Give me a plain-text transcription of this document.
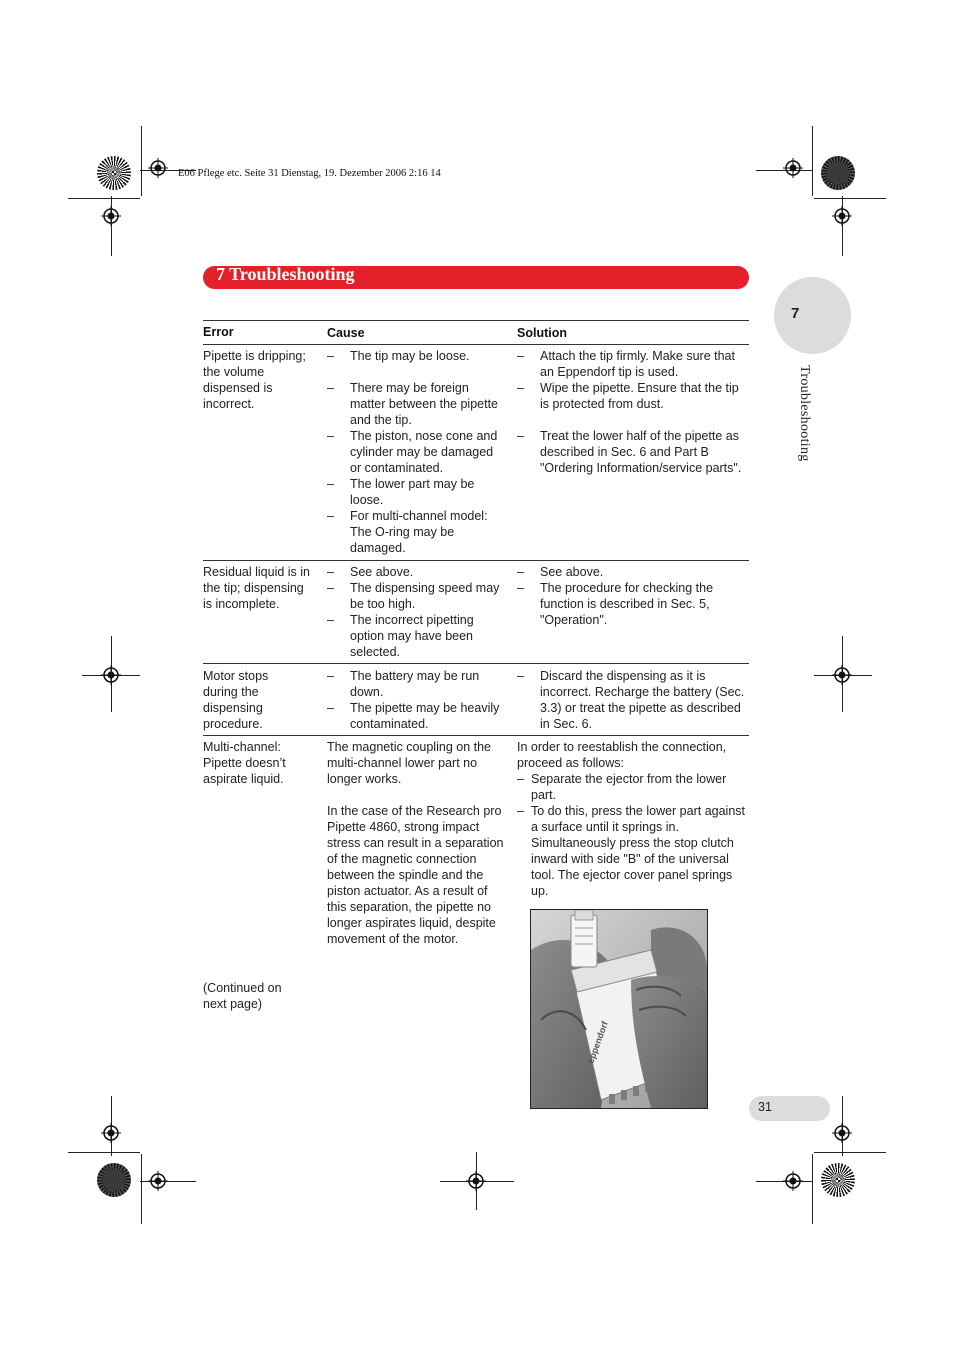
E06 Pflege etc. Seite 31 Dienstag, 19. Dezember 2006 2:16 14
7 Troubleshooting
7
Troubleshooting
Error	Cause	Solution
Pipette is dripping; the volume dispensed is incorrect.
– The tip may be loose.
– There may be foreign matter between the pipette and the tip.
– The piston, nose cone and cylinder may be damaged or contaminated.
– The lower part may be loose.
– For multi-channel model: The O-ring may be damaged.
– Attach the tip firmly. Make sure that an Eppendorf tip is used.
– Wipe the pipette. Ensure that the tip is protected from dust.
– Treat the lower half of the pipette as described in Sec. 6 and Part B "Ordering Information/service parts".
Residual liquid is in the tip; dispensing is incomplete.
– See above.
– The dispensing speed may be too high.
– The incorrect pipetting option may have been selected.
– See above.
– The procedure for checking the function is described in Sec. 5, "Operation".
Motor stops during the dispensing procedure.
– The battery may be run down.
– The pipette may be heavily contaminated.
– Discard the dispensing as it is incorrect. Recharge the battery (Sec. 3.3) or treat the pipette as described in Sec. 6.
Multi-channel: Pipette doesn’t aspirate liquid.
(Continued on next page)
The magnetic coupling on the multi-channel lower part no longer works.
In the case of the Research pro Pipette 4860, strong impact stress can result in a separation of the magnetic connection between the spindle and the piston actuator. As a result of this separation, the pipette no longer aspirates liquid, despite movement of the motor.
In order to reestablish the connection, proceed as follows:
– Separate the ejector from the lower part.
– To do this, press the lower part against a surface until it springs in. Simultaneously press the stop clutch inward with side "B" of the universal tool. The ejector cover panel springs up.
eppendorf
31
